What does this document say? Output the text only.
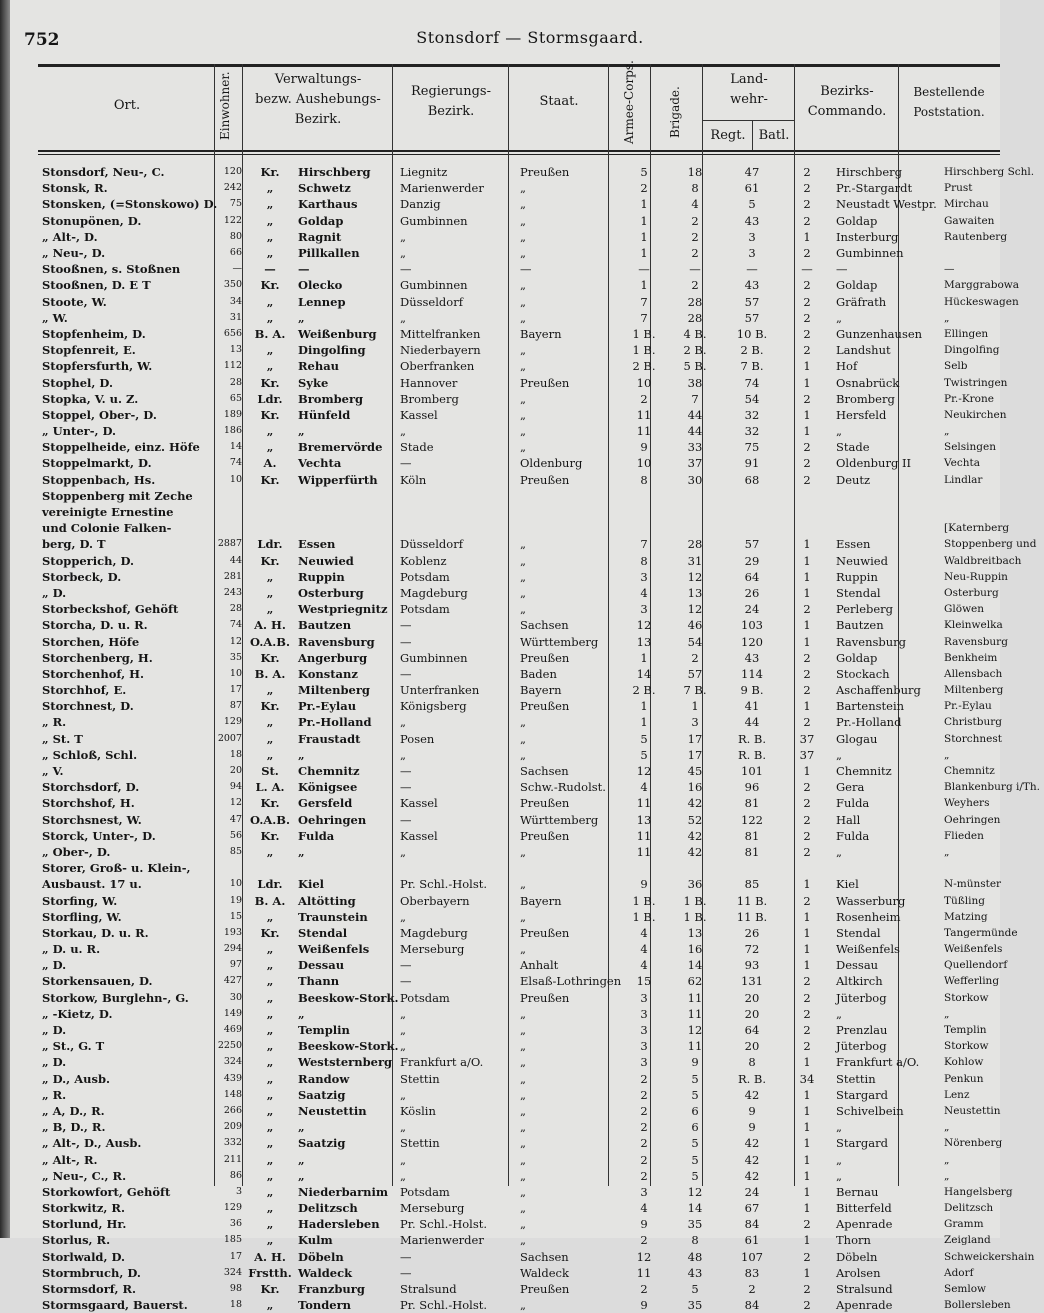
752	Stonsdorf — Stormsgaard.
Ort.	Einwohner.	Verwaltungs-
bezw. Aushebungs-
Bezirk.
Regierungs-
Bezirk.
Staat.	Armee-Corps.	Brigade.
Land-
wehr-
Regt.	Batl.
Bezirks-
Commando.
Bestellende
Poststation.
Stonsdorf, Neu-, C.	120	Kr.	Hirschberg	Liegnitz	Preußen	5	18	47	2	Hirschberg	Hirschberg Schl.
Stonsk, R.	242	„	Schwetz	Marienwerder	„	2	8	61	2	Pr.-Stargardt	Prust
Stonsken, (=Stonskowo) D.	75	„	Karthaus	Danzig	„	1	4	5	2	Neustadt Westpr.	Mirchau
Stonupönen, D.	122	„	Goldap	Gumbinnen	„	1	2	43	2	Goldap	Gawaiten
„ Alt-, D.	80	„	Ragnit	„	„	1	2	3	1	Insterburg	Rautenberg
„ Neu-, D.	66	„	Pillkallen	„	„	1	2	3	2	Gumbinnen	
Stooßnen, s. Stoßnen	—	—	—	—	—	—	—	—	—	—	—
Stooßnen, D. E T	350	Kr.	Olecko	Gumbinnen	„	1	2	43	2	Goldap	Marggrabowa
Stoote, W.	34	„	Lennep	Düsseldorf	„	7	28	57	2	Gräfrath	Hückeswagen
„ W.	31	„	„	„	„	7	28	57	2	„	„
Stopfenheim, D.	656	B. A.	Weißenburg	Mittelfranken	Bayern	1 B.	4 B.	10 B.	2	Gunzenhausen	Ellingen
Stopfenreit, E.	13	„	Dingolfing	Niederbayern	„	1 B.	2 B.	2 B.	2	Landshut	Dingolfing
Stopfersfurth, W.	112	„	Rehau	Oberfranken	„	2 B.	5 B.	7 B.	1	Hof	Selb
Stophel, D.	28	Kr.	Syke	Hannover	Preußen	10	38	74	1	Osnabrück	Twistringen
Stopka, V. u. Z.	65	Ldr.	Bromberg	Bromberg	„	2	7	54	2	Bromberg	Pr.-Krone
Stoppel, Ober-, D.	189	Kr.	Hünfeld	Kassel	„	11	44	32	1	Hersfeld	Neukirchen
„ Unter-, D.	186	„	„	„	„	11	44	32	1	„	„
Stoppelheide, einz. Höfe	14	„	Bremervörde	Stade	„	9	33	75	2	Stade	Selsingen
Stoppelmarkt, D.	74	A.	Vechta	—	Oldenburg	10	37	91	2	Oldenburg II	Vechta
Stoppenbach, Hs.	10	Kr.	Wipperfürth	Köln	Preußen	8	30	68	2	Deutz	Lindlar
Stoppenberg mit Zeche											
vereinigte Ernestine											
und Colonie Falken-											[Katernberg
berg, D. T	2887	Ldr.	Essen	Düsseldorf	„	7	28	57	1	Essen	Stoppenberg und
Stopperich, D.	44	Kr.	Neuwied	Koblenz	„	8	31	29	1	Neuwied	Waldbreitbach
Storbeck, D.	281	„	Ruppin	Potsdam	„	3	12	64	1	Ruppin	Neu-Ruppin
„ D.	243	„	Osterburg	Magdeburg	„	4	13	26	1	Stendal	Osterburg
Storbeckshof, Gehöft	28	„	Westpriegnitz	Potsdam	„	3	12	24	2	Perleberg	Glöwen
Storcha, D. u. R.	74	A. H.	Bautzen	—	Sachsen	12	46	103	1	Bautzen	Kleinwelka
Storchen, Höfe	12	O.A.B.	Ravensburg	—	Württemberg	13	54	120	1	Ravensburg	Ravensburg
Storchenberg, H.	35	Kr.	Angerburg	Gumbinnen	Preußen	1	2	43	2	Goldap	Benkheim
Storchenhof, H.	10	B. A.	Konstanz	—	Baden	14	57	114	2	Stockach	Allensbach
Storchhof, E.	17	„	Miltenberg	Unterfranken	Bayern	2 B.	7 B.	9 B.	2	Aschaffenburg	Miltenberg
Storchnest, D.	87	Kr.	Pr.-Eylau	Königsberg	Preußen	1	1	41	1	Bartenstein	Pr.-Eylau
„ R.	129	„	Pr.-Holland	„	„	1	3	44	2	Pr.-Holland	Christburg
„ St. T	2007	„	Fraustadt	Posen	„	5	17	R. B.	37	Glogau	Storchnest
„ Schloß, Schl.	18	„	„	„	„	5	17	R. B.	37	„	„
„ V.	20	St.	Chemnitz	—	Sachsen	12	45	101	1	Chemnitz	Chemnitz
Storchsdorf, D.	94	L. A.	Königsee	—	Schw.-Rudolst.	4	16	96	2	Gera	Blankenburg i/Th.
Storchshof, H.	12	Kr.	Gersfeld	Kassel	Preußen	11	42	81	2	Fulda	Weyhers
Storchsnest, W.	47	O.A.B.	Oehringen	—	Württemberg	13	52	122	2	Hall	Oehringen
Storck, Unter-, D.	56	Kr.	Fulda	Kassel	Preußen	11	42	81	2	Fulda	Flieden
„ Ober-, D.	85	„	„	„	„	11	42	81	2	„	„
Storer, Groß- u. Klein-,											
Ausbaust. 17 u.	10	Ldr.	Kiel	Pr. Schl.-Holst.	„	9	36	85	1	Kiel	N-münster
Storfing, W.	19	B. A.	Altötting	Oberbayern	Bayern	1 B.	1 B.	11 B.	2	Wasserburg	Tüßling
Storfling, W.	15	„	Traunstein	„	„	1 B.	1 B.	11 B.	1	Rosenheim	Matzing
Storkau, D. u. R.	193	Kr.	Stendal	Magdeburg	Preußen	4	13	26	1	Stendal	Tangermünde
„ D. u. R.	294	„	Weißenfels	Merseburg	„	4	16	72	1	Weißenfels	Weißenfels
„ D.	97	„	Dessau	—	Anhalt	4	14	93	1	Dessau	Quellendorf
Storkensauen, D.	427	„	Thann	—	Elsaß-Lothringen	15	62	131	2	Altkirch	Wefferling
Storkow, Burglehn-, G.	30	„	Beeskow-Stork.	Potsdam	Preußen	3	11	20	2	Jüterbog	Storkow
„ -Kietz, D.	149	„	„	„	„	3	11	20	2	„	„
„ D.	469	„	Templin	„	„	3	12	64	2	Prenzlau	Templin
„ St., G. T	2250	„	Beeskow-Stork.	„	„	3	11	20	2	Jüterbog	Storkow
„ D.	324	„	Weststernberg	Frankfurt a/O.	„	3	9	8	1	Frankfurt a/O.	Kohlow
„ D., Ausb.	439	„	Randow	Stettin	„	2	5	R. B.	34	Stettin	Penkun
„ R.	148	„	Saatzig	„	„	2	5	42	1	Stargard	Lenz
„ A, D., R.	266	„	Neustettin	Köslin	„	2	6	9	1	Schivelbein	Neustettin
„ B, D., R.	209	„	„	„	„	2	6	9	1	„	„
„ Alt-, D., Ausb.	332	„	Saatzig	Stettin	„	2	5	42	1	Stargard	Nörenberg
„ Alt-, R.	211	„	„	„	„	2	5	42	1	„	„
„ Neu-, C., R.	86	„	„	„	„	2	5	42	1	„	„
Storkowfort, Gehöft	3	„	Niederbarnim	Potsdam	„	3	12	24	1	Bernau	Hangelsberg
Storkwitz, R.	129	„	Delitzsch	Merseburg	„	4	14	67	1	Bitterfeld	Delitzsch
Storlund, Hr.	36	„	Hadersleben	Pr. Schl.-Holst.	„	9	35	84	2	Apenrade	Gramm
Storlus, R.	185	„	Kulm	Marienwerder	„	2	8	61	1	Thorn	Zeigland
Storlwald, D.	17	A. H.	Döbeln	—	Sachsen	12	48	107	2	Döbeln	Schweickershain
Stormbruch, D.	324	Frstth.	Waldeck	—	Waldeck	11	43	83	1	Arolsen	Adorf
Stormsdorf, R.	98	Kr.	Franzburg	Stralsund	Preußen	2	5	2	2	Stralsund	Semlow
Stormsgaard, Bauerst.	18	„	Tondern	Pr. Schl.-Holst.	„	9	35	84	2	Apenrade	Bollersleben
